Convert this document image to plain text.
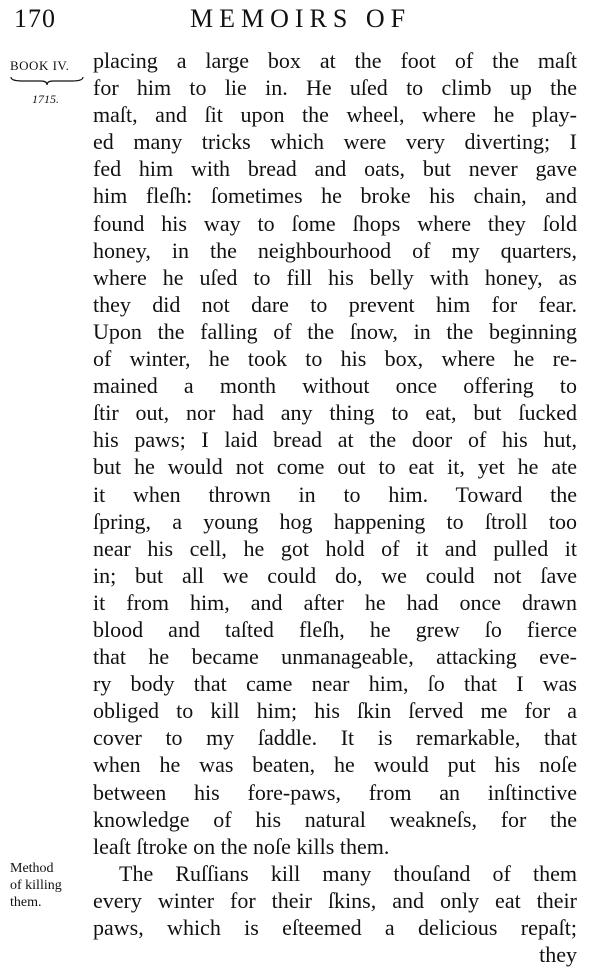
170	MEMOIRS OF
BOOK IV.
1715.
Method
of killing
them.
placing a large box at the foot of the maſt
for him to lie in. He uſed to climb up the
maſt, and ſit upon the wheel, where he play-
ed many tricks which were very diverting; I
fed him with bread and oats, but never gave
him fleſh: ſometimes he broke his chain, and
found his way to ſome ſhops where they ſold
honey, in the neighbourhood of my quarters,
where he uſed to fill his belly with honey, as
they did not dare to prevent him for fear.
Upon the falling of the ſnow, in the beginning
of winter, he took to his box, where he re-
mained a month without once offering to
ſtir out, nor had any thing to eat, but ſucked
his paws; I laid bread at the door of his hut,
but he would not come out to eat it, yet he ate
it when thrown in to him. Toward the
ſpring, a young hog happening to ſtroll too
near his cell, he got hold of it and pulled it
in; but all we could do, we could not ſave
it from him, and after he had once drawn
blood and taſted fleſh, he grew ſo fierce
that he became unmanageable, attacking eve-
ry body that came near him, ſo that I was
obliged to kill him; his ſkin ſerved me for a
cover to my ſaddle. It is remarkable, that
when he was beaten, he would put his noſe
between his fore-paws, from an inſtinctive
knowledge of his natural weakneſs, for the
leaſt ſtroke on the noſe kills them.
The Ruſſians kill many thouſand of them
every winter for their ſkins, and only eat their
paws, which is eſteemed a delicious repaſt;
they
